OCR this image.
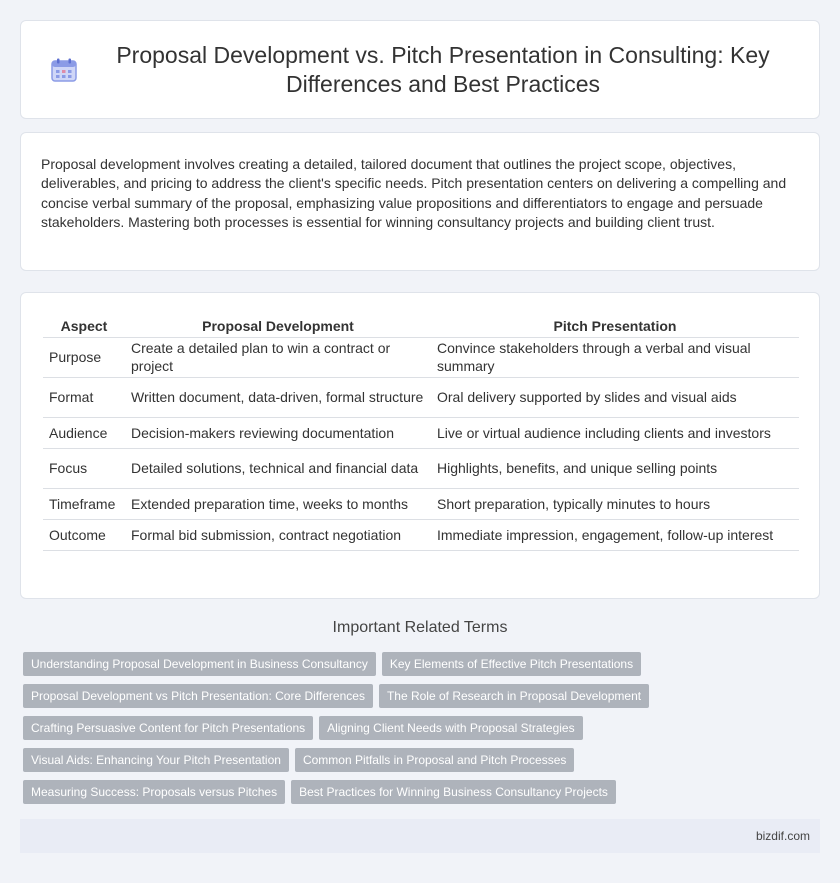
Proposal Development vs. Pitch Presentation in Consulting: Key Differences and Best Practices

Proposal development involves creating a detailed, tailored document that outlines the project scope, objectives, deliverables, and pricing to address the client's specific needs. Pitch presentation centers on delivering a compelling and concise verbal summary of the proposal, emphasizing value propositions and differentiators to engage and persuade stakeholders. Mastering both processes is essential for winning consultancy projects and building client trust.

Aspect	Proposal Development	Pitch Presentation
Purpose	Create a detailed plan to win a contract or project	Convince stakeholders through a verbal and visual summary
Format	Written document, data-driven, formal structure	Oral delivery supported by slides and visual aids
Audience	Decision-makers reviewing documentation	Live or virtual audience including clients and investors
Focus	Detailed solutions, technical and financial data	Highlights, benefits, and unique selling points
Timeframe	Extended preparation time, weeks to months	Short preparation, typically minutes to hours
Outcome	Formal bid submission, contract negotiation	Immediate impression, engagement, follow-up interest
Important Related Terms
Understanding Proposal Development in Business Consultancy	Key Elements of Effective Pitch Presentations
Proposal Development vs Pitch Presentation: Core Differences	The Role of Research in Proposal Development
Crafting Persuasive Content for Pitch Presentations	Aligning Client Needs with Proposal Strategies
Visual Aids: Enhancing Your Pitch Presentation	Common Pitfalls in Proposal and Pitch Processes
Measuring Success: Proposals versus Pitches	Best Practices for Winning Business Consultancy Projects
bizdif.com
